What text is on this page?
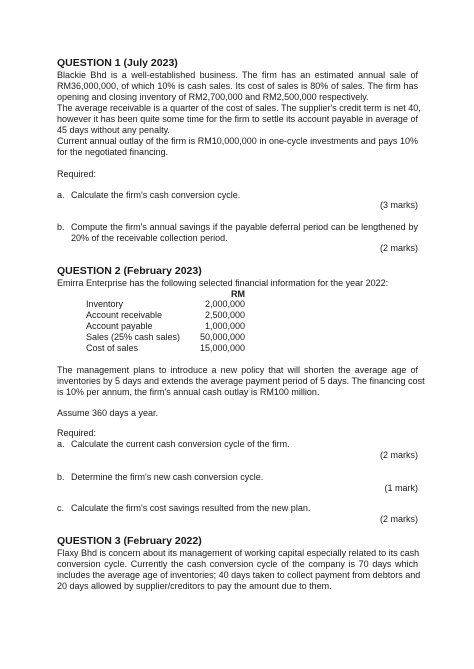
QUESTION 1 (July 2023)
Blackie Bhd is a well-established business. The firm has an estimated annual sale of
RM36,000,000, of which 10% is cash sales. Its cost of sales is 80% of sales. The firm has
opening and closing inventory of RM2,700,000 and RM2,500,000 respectively.
The average receivable is a quarter of the cost of sales. The supplier's credit term is net 40,
however it has been quite some time for the firm to settle its account payable in average of
45 days without any penalty.
Current annual outlay of the firm is RM10,000,000 in one-cycle investments and pays 10%
for the negotiated financing.
Required:
a. Calculate the firm's cash conversion cycle.
(3 marks)
b. Compute the firm's annual savings if the payable deferral period can be lengthened by
20% of the receivable collection period.
(2 marks)
QUESTION 2 (February 2023)
Emirra Enterprise has the following selected financial information for the year 2022:
RM
Inventory	2,000,000
Account receivable	2,500,000
Account payable	1,000,000
Sales (25% cash sales)	50,000,000
Cost of sales	15,000,000
The management plans to introduce a new policy that will shorten the average age of
inventories by 5 days and extends the average payment period of 5 days. The financing cost
is 10% per annum, the firm's annual cash outlay is RM100 million.
Assume 360 days a year.
Required:
a. Calculate the current cash conversion cycle of the firm.
(2 marks)
b. Determine the firm's new cash conversion cycle.
(1 mark)
c. Calculate the firm's cost savings resulted from the new plan.
(2 marks)
QUESTION 3 (February 2022)
Flaxy Bhd is concern about its management of working capital especially related to its cash
conversion cycle. Currently the cash conversion cycle of the company is 70 days which
includes the average age of inventories; 40 days taken to collect payment from debtors and
20 days allowed by supplier/creditors to pay the amount due to them.
